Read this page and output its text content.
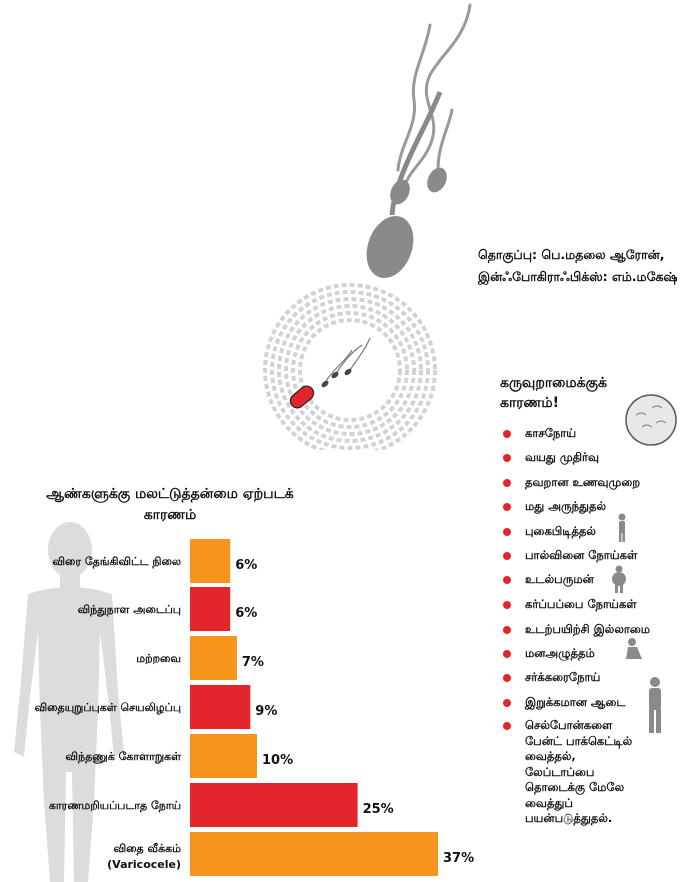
தொகுப்பு: பெ.மதலை ஆரோன்,
இன்ஃபோகிராஃபிக்ஸ்: எம்.மகேஷ்
கருவுறாமைக்குக் காரணம்!
காசநோய்
வயது முதிர்வு
தவறான உணவுமுறை
மது அருந்துதல்
புகைபிடித்தல்
பால்வினை நோய்கள்
உடல்பருமன்
கர்ப்பப்பை நோய்கள்
உடற்பயிற்சி இல்லாமை
மனஅழுத்தம்
சர்க்கரைநோய்
இறுக்கமான ஆடை
செல்போன்களை பேன்ட் பாக்கெட்டில் வைத்தல், லேப்டாப்பை தொடைக்கு மேலே வைத்துப் பயன்படுத்துதல்.
ஆண்களுக்கு மலட்டுத்தன்மை ஏற்படக் காரணம்
6%
விரை தேங்கிவிட்ட நிலை
6%
விந்துநாள அடைப்பு
7%
மற்றவை
9%
விதையுறுப்புகள் செயலிழப்பு
10%
விந்தணுக் கோளாறுகள்
25%
காரணமறியப்படாத நோய்
37%
விதை வீக்கம் (Varicocele)
